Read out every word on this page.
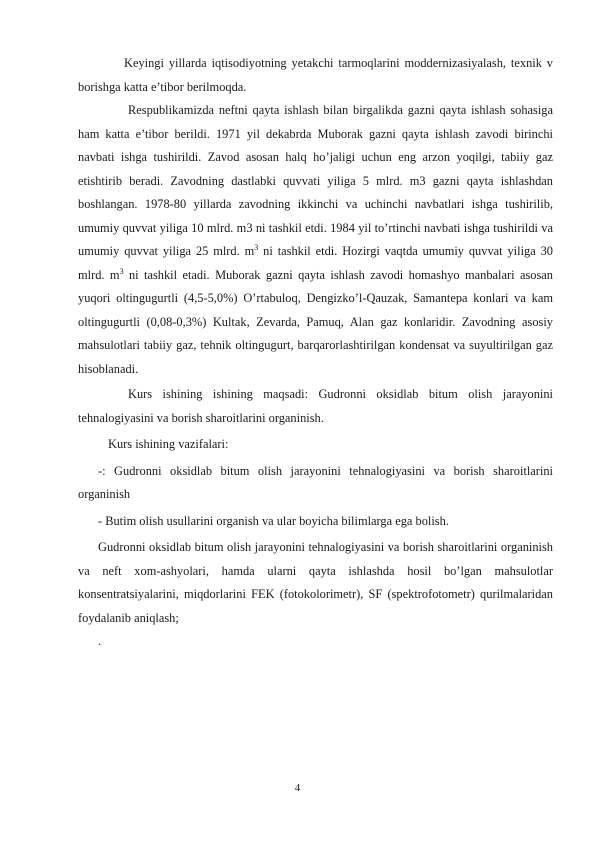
Keyingi yillarda iqtisodiyotning yetakchi tarmoqlarini moddernizasiyalash, texnik v borishga katta e’tibor berilmoqda.

Respublikamizda neftni qayta ishlash bilan birgalikda gazni qayta ishlash sohasiga ham katta e’tibor berildi. 1971 yil dekabrda Muborak gazni qayta ishlash zavodi birinchi navbati ishga tushirildi. Zavod asosan halq ho’jaligi uchun eng arzon yoqilgi, tabiiy gaz etishtirib beradi. Zavodning dastlabki quvvati yiliga 5 mlrd. m3 gazni qayta ishlashdan boshlangan. 1978-80 yillarda zavodning ikkinchi va uchinchi navbatlari ishga tushirilib, umumiy quvvat yiliga 10 mlrd. m3 ni tashkil etdi. 1984 yil to’rtinchi navbati ishga tushirildi va umumiy quvvat yiliga 25 mlrd. $m^3$ ni tashkil etdi. Hozirgi vaqtda umumiy quvvat yiliga 30 mlrd. $m^3$ ni tashkil etadi. Muborak gazni qayta ishlash zavodi homashyo manbalari asosan yuqori oltingugurtli (4,5-5,0%) O’rtabuloq, Dengizko’l-Qauzak, Samantepa konlari va kam oltingugurtli (0,08-0,3%) Kultak, Zevarda, Pamuq, Alan gaz konlaridir. Zavodning asosiy mahsulotlari tabiiy gaz, tehnik oltingugurt, barqarorlashtirilgan kondensat va suyultirilgan gaz hisoblanadi.

Kurs ishining ishining maqsadi: Gudronni oksidlab bitum olish jarayonini tehnalogiyasini va borish sharoitlarini organinish.

Kurs ishining vazifalari:

-: Gudronni oksidlab bitum olish jarayonini tehnalogiyasini va borish sharoitlarini organinish

- Butim olish usullarini organish va ular boyicha bilimlarga ega bolish.

Gudronni oksidlab bitum olish jarayonini tehnalogiyasini va borish sharoitlarini organinish va neft xom-ashyolari, hamda ularni qayta ishlashda hosil bo’lgan mahsulotlar konsentratsiyalarini, miqdorlarini FEK (fotokolorimetr), SF (spektrofotometr) qurilmalaridan foydalanib aniqlash;

.

4
